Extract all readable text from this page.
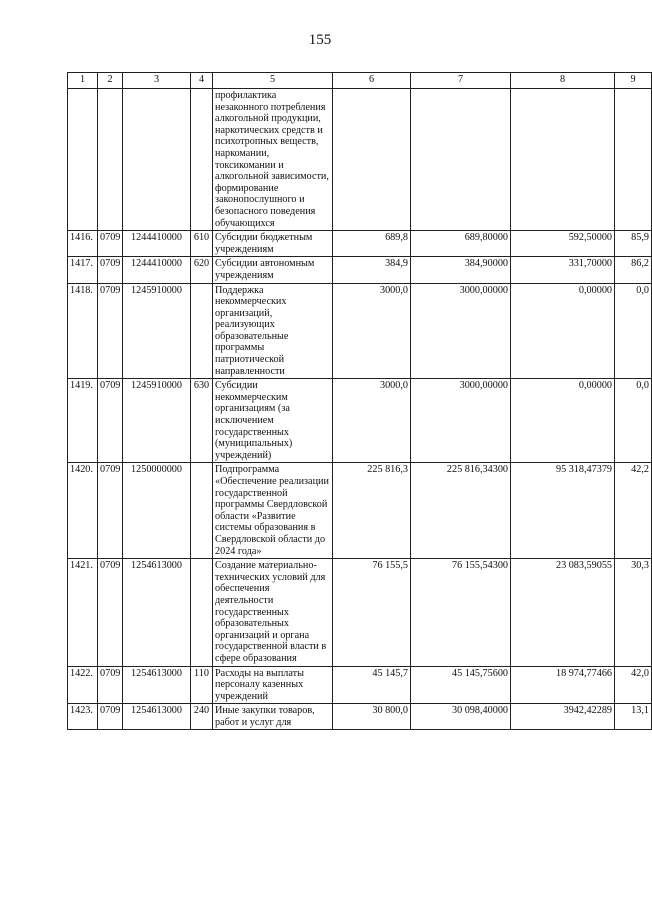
155
1	2	3	4	5	6	7	8	9
				профилактика незаконного потребления алкогольной продукции, наркотических средств и психотропных веществ, наркомании, токсикомании и алкогольной зависимости, формирование законопослушного и безопасного поведения обучающихся				
1416.	0709	1244410000	610	Субсидии бюджетным учреждениям	689,8	689,80000	592,50000	85,9
1417.	0709	1244410000	620	Субсидии автономным учреждениям	384,9	384,90000	331,70000	86,2
1418.	0709	1245910000		Поддержка некоммерческих организаций, реализующих образовательные программы патриотической направленности	3000,0	3000,00000	0,00000	0,0
1419.	0709	1245910000	630	Субсидии некоммерческим организациям (за исключением государственных (муниципальных) учреждений)	3000,0	3000,00000	0,00000	0,0
1420.	0709	1250000000		Подпрограмма «Обеспечение реализации государственной программы Свердловской области «Развитие системы образования в Свердловской области до 2024 года»	225 816,3	225 816,34300	95 318,47379	42,2
1421.	0709	1254613000		Создание материально-технических условий для обеспечения деятельности государственных образовательных организаций и органа государственной власти в сфере образования	76 155,5	76 155,54300	23 083,59055	30,3
1422.	0709	1254613000	110	Расходы на выплаты персоналу казенных учреждений	45 145,7	45 145,75600	18 974,77466	42,0
1423.	0709	1254613000	240	Иные закупки товаров, работ и услуг для	30 800,0	30 098,40000	3942,42289	13,1
